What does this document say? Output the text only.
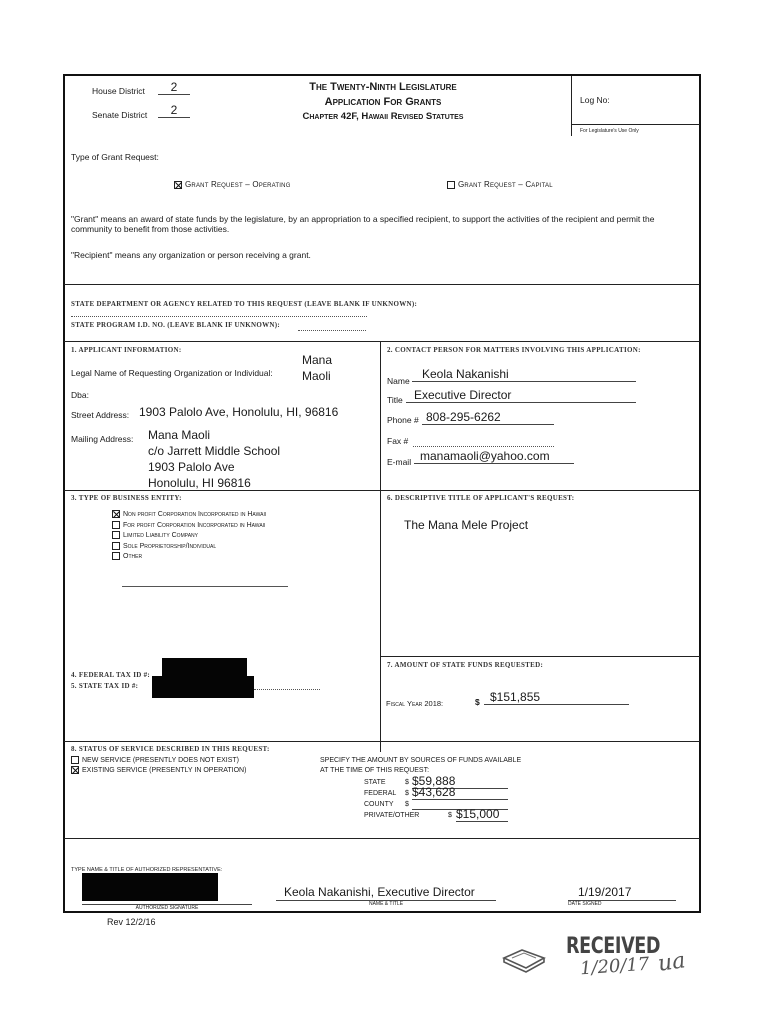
House District	2
Senate District	2
The Twenty-Ninth Legislature
Application For Grants
Chapter 42F, Hawaii Revised Statutes
Log No:
For Legislature's Use Only
Type of Grant Request:
Grant Request – Operating	Grant Request – Capital
"Grant" means an award of state funds by the legislature, by an appropriation to a specified recipient, to support the activities of the recipient and permit the community to benefit from those activities.
"Recipient" means any organization or person receiving a grant.
STATE DEPARTMENT OR AGENCY RELATED TO THIS REQUEST (LEAVE BLANK IF UNKNOWN):
STATE PROGRAM I.D. NO. (LEAVE BLANK IF UNKNOWN):
1. APPLICANT INFORMATION:
Legal Name of Requesting Organization or Individual:
Mana
Maoli
Dba:
Street Address: 1903 Palolo Ave, Honolulu, HI, 96816
Mailing Address: Mana Maoli
c/o Jarrett Middle School
1903 Palolo Ave
Honolulu, HI 96816
2. CONTACT PERSON FOR MATTERS INVOLVING THIS APPLICATION:
Name	Keola Nakanishi
Title Executive Director
Phone # 808-295-6262
Fax #
E-mail manamaoli@yahoo.com
3. TYPE OF BUSINESS ENTITY:
Non profit Corporation Incorporated in Hawaii
For profit Corporation Incorporated in Hawaii
Limited Liability Company
Sole Proprietorship/Individual
Other
6. DESCRIPTIVE TITLE OF APPLICANT'S REQUEST:
The Mana Mele Project
4. FEDERAL TAX ID #:
5. STATE TAX ID #:
7. AMOUNT OF STATE FUNDS REQUESTED:
Fiscal Year 2018:	$ $151,855
8. STATUS OF SERVICE DESCRIBED IN THIS REQUEST:
NEW SERVICE (PRESENTLY DOES NOT EXIST)
EXISTING SERVICE (PRESENTLY IN OPERATION)
SPECIFY THE AMOUNT BY SOURCES OF FUNDS AVAILABLE
AT THE TIME OF THIS REQUEST:
STATE	$ $59,888
FEDERAL $ $43,628
COUNTY $
PRIVATE/OTHER	$ $15,000
TYPE NAME & TITLE OF AUTHORIZED REPRESENTATIVE:
AUTHORIZED SIGNATURE
Keola Nakanishi, Executive Director
NAME & TITLE
1/19/2017
DATE SIGNED
Rev 12/2/16
RECEIVED
1/20/17 ua
